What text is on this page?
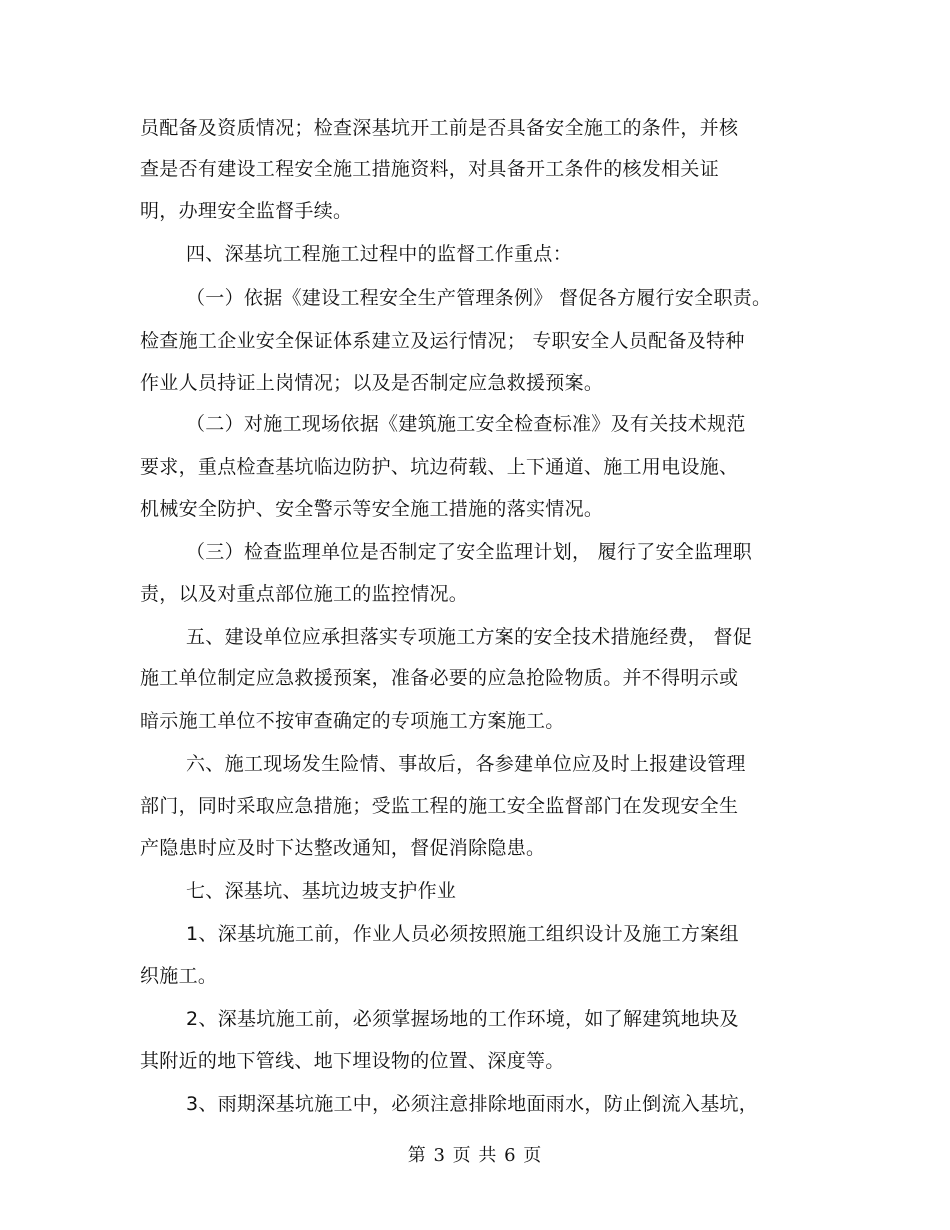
员配备及资质情况；检查深基坑开工前是否具备安全施工的条件，并核
查是否有建设工程安全施工措施资料，对具备开工条件的核发相关证
明，办理安全监督手续。
四、深基坑工程施工过程中的监督工作重点：
（一）依据《建设工程安全生产管理条例》 督促各方履行安全职责。
检查施工企业安全保证体系建立及运行情况； 专职安全人员配备及特种
作业人员持证上岗情况；以及是否制定应急救援预案。
（二）对施工现场依据《建筑施工安全检查标准》及有关技术规范
要求，重点检查基坑临边防护、坑边荷载、上下通道、施工用电设施、
机械安全防护、安全警示等安全施工措施的落实情况。
（三）检查监理单位是否制定了安全监理计划， 履行了安全监理职
责，以及对重点部位施工的监控情况。
五、建设单位应承担落实专项施工方案的安全技术措施经费， 督促
施工单位制定应急救援预案，准备必要的应急抢险物质。并不得明示或
暗示施工单位不按审查确定的专项施工方案施工。
六、施工现场发生险情、事故后，各参建单位应及时上报建设管理
部门，同时采取应急措施；受监工程的施工安全监督部门在发现安全生
产隐患时应及时下达整改通知，督促消除隐患。
七、深基坑、基坑边坡支护作业
1、深基坑施工前，作业人员必须按照施工组织设计及施工方案组
织施工。
2、深基坑施工前，必须掌握场地的工作环境，如了解建筑地块及
其附近的地下管线、地下埋设物的位置、深度等。
3、雨期深基坑施工中，必须注意排除地面雨水，防止倒流入基坑，
第 3 页 共 6 页
